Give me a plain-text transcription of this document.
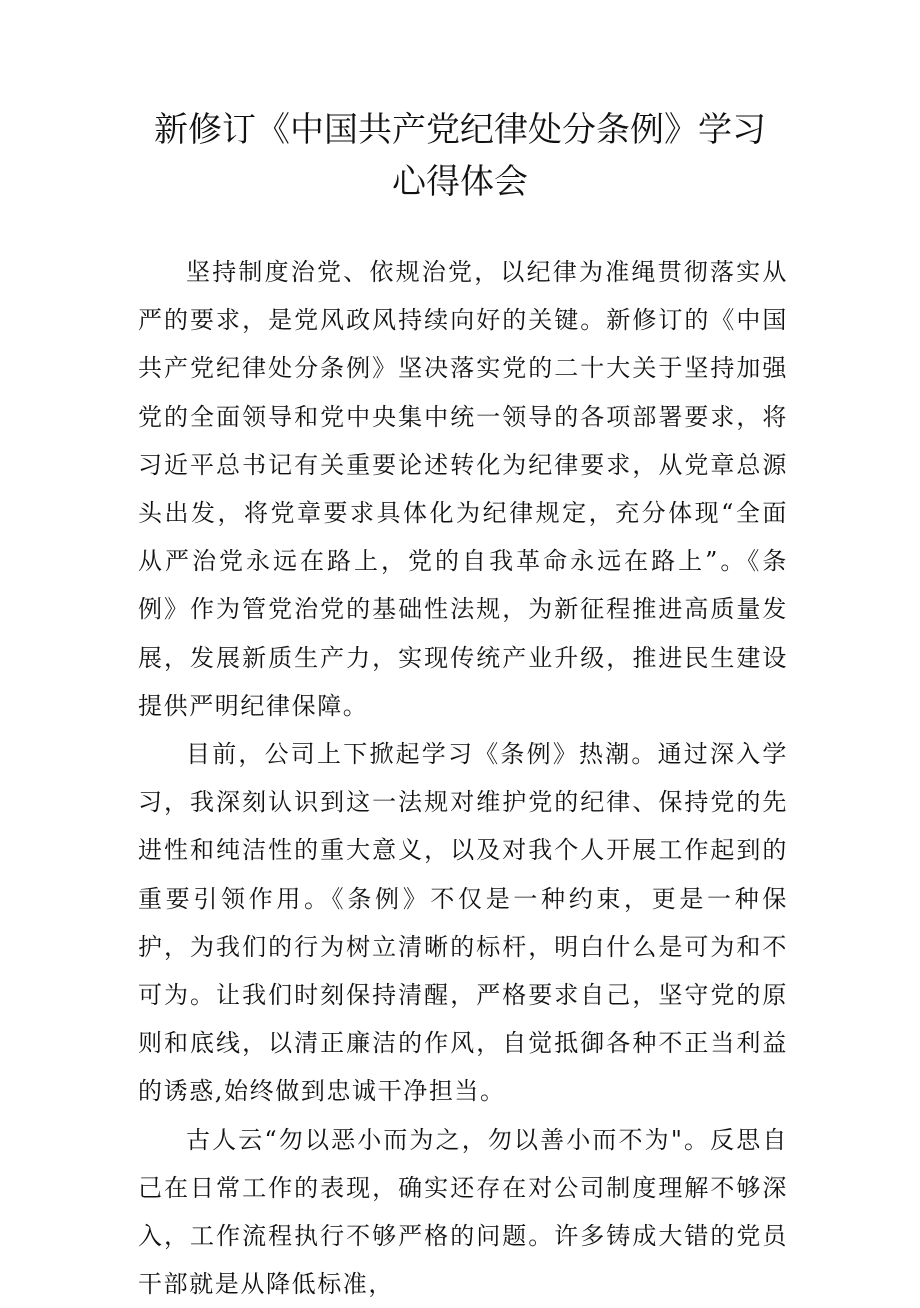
新修订《中国共产党纪律处分条例》学习
心得体会

坚持制度治党、依规治党，以纪律为准绳贯彻落实从严的要求，是党风政风持续向好的关键。新修订的《中国共产党纪律处分条例》坚决落实党的二十大关于坚持加强党的全面领导和党中央集中统一领导的各项部署要求，将习近平总书记有关重要论述转化为纪律要求，从党章总源头出发，将党章要求具体化为纪律规定，充分体现“全面从严治党永远在路上，党的自我革命永远在路上”。《条例》作为管党治党的基础性法规，为新征程推进高质量发展，发展新质生产力，实现传统产业升级，推进民生建设提供严明纪律保障。

目前，公司上下掀起学习《条例》热潮。通过深入学习，我深刻认识到这一法规对维护党的纪律、保持党的先进性和纯洁性的重大意义，以及对我个人开展工作起到的重要引领作用。《条例》不仅是一种约束，更是一种保护，为我们的行为树立清晰的标杆，明白什么是可为和不可为。让我们时刻保持清醒，严格要求自己，坚守党的原则和底线，以清正廉洁的作风，自觉抵御各种不正当利益的诱惑,始终做到忠诚干净担当。

古人云“勿以恶小而为之，勿以善小而不为"。反思自己在日常工作的表现，确实还存在对公司制度理解不够深入，工作流程执行不够严格的问题。许多铸成大错的党员干部就是从降低标准，
